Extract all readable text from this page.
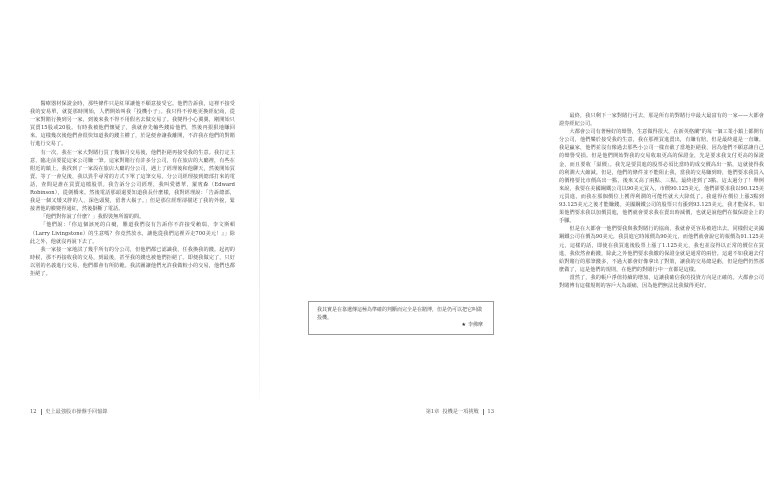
醫療器材保證金時，那些條件只是紅軍讓他不願意接受它。他們告訴我，這裡不接受我的安易單，就從那時開始，人們開始叫我「投機小子」。我只得不停地更換經紀商，從一家對賭行換到另一家，到後來我不得不用假名去做交易了。我變得小心翼翼，剛開始只買賣15股或20股。有時我被他們懷疑了，我就會先輸些錢給他們，然後再狠狠地賺回來。這樣幾次後他們會很快知道我的錢主權了，於是便會讓我離開，不許我在他們的對賭行進行交易了。

有一次，我在一家大對賭行買了幾個月交易後，他們拒絕再接受我的生意。我打定主意，臨走前要從這家公司賺一筆。這家對賭行有許多分公司，有在旅店的大廳裡，有些在附近的鎮上，我找到了一家設在旅店大廳的分公司，遇上了經理後和他聊天，然後開始買賣。等了一會兒後，我以異乎尋常的方式下單了這筆交易。分公司經理接到總部打來的電話，查問是誰在買賣這檔股票。我告訴分公司經理，我叫愛德華，羅賓森（Edward Robinson），從劍橋來。然後電話那頭還要知道我長什麼樣，我對經理說：「告訴總部，我是一個又矮又胖的人，深色頭髮，留著大鬍子。」但是那位經理卻描述了我的外貌，緊接著他的臉變得通紅，然後掛斷了電話。

「他們對你說了什麼？」我假裝無所謂的問。

「他們說：『你這個該死的白癡，難道我們沒有告訴你不許接受賴瑞，李文斯頓（Larry Livingstone）的生意嗎？你竟然放水，讓他從我們這裡弄走700美元！』」除此之外，他就沒再說下去了。

我一家接一家地試了幾乎所有的分公司，但他們都已認識我，任我換我的錢。起初的時候，那不再接收我的交易，到最後，甚至我的錢也被他們拒絕了。即便我做完了，只好以別的名義進行交易，他們都會有所防範。我試圖讓他們允許我做較小的交易，他們也都拒絕了。

12 史上最強股市操盤手回憶錄

最終，我只剩下一家對賭行可去，那是所有的對賭行中最大最富有的一家——大都會證券經紀公司。

大都會公司有著極好的聲譽，生意做得很大，在新英格蘭"的每一個工業小鎮上都開有分公司，他們樂於接受我的生意，我在那裡買進賣出，有賺有賠，但是最終還是一直賺。我是贏家，他們並沒有像過去那些小公司一樣直截了當地拒絕我，因為他們不願意讓自己的聲譽受損。但是他們開始對我的交易收取更高的保證金，先是要求我支付更高的保證金，而且要收「溢價」。我先是要買進的股票必須比當時的成交價高出一點，這就使得我的利潤大大縮減。但是，他們的條件並不能阻止我，當我的交易賺到時，他們要求我買入的價格要比市價高出一點，後來又高了兩點、三點。最終達到了3點。這太過分了！舉例來說，我要在美國鋼鐵公司以90美元買入，市價90.125美元，他們卻要求我以90.125美元買進，而我在那個價位上獲得利潤的可能性就大大降低了。我還得在價位上漲3點到93.125美元之後才能賺錢。美國鋼鐵公司的股票只有漲到93.125美元，我才能保本。如果他們要求我以加價買進，他們就會要求我在賣出時減價，也就是說他們在做保證金上的手腳。

但是在大都會一他們要我與我對賭行的協商，我就會更容易被趕出去。同樣假定美國鋼鐵公司在價為90美元，我買進它時報價為90美元，而他們就會說它的報價為91.125美元，這樣的話，即使在我買進後股票上漲了1.125美元，我也並沒得以正常的價位在買進，我依然會虧錢，除此之外他們要求我繳的保證金就是通常的兩倍。這還不如我過去付給對賭行的那筆錢多，不過大都會好像拿出了對策，讓我的交易總是虧，但是他們仍然那麼做了，這是他們的規則，在他們的對賭行中一直都是這樣。

當然了，我的帳戶淨值持續的增加，這讓我確信我的投資方向是正確的。大都會公司對賭博有這樣規則的客戶大為頭痛，因為他們無法比我做得更好。

第1章 投機是一項挑戰 13
我其實是在靠遺傳這極為準確的判斷而完全是在賭博，但是仍可以把它叫做投機。
★ 李佛摩
